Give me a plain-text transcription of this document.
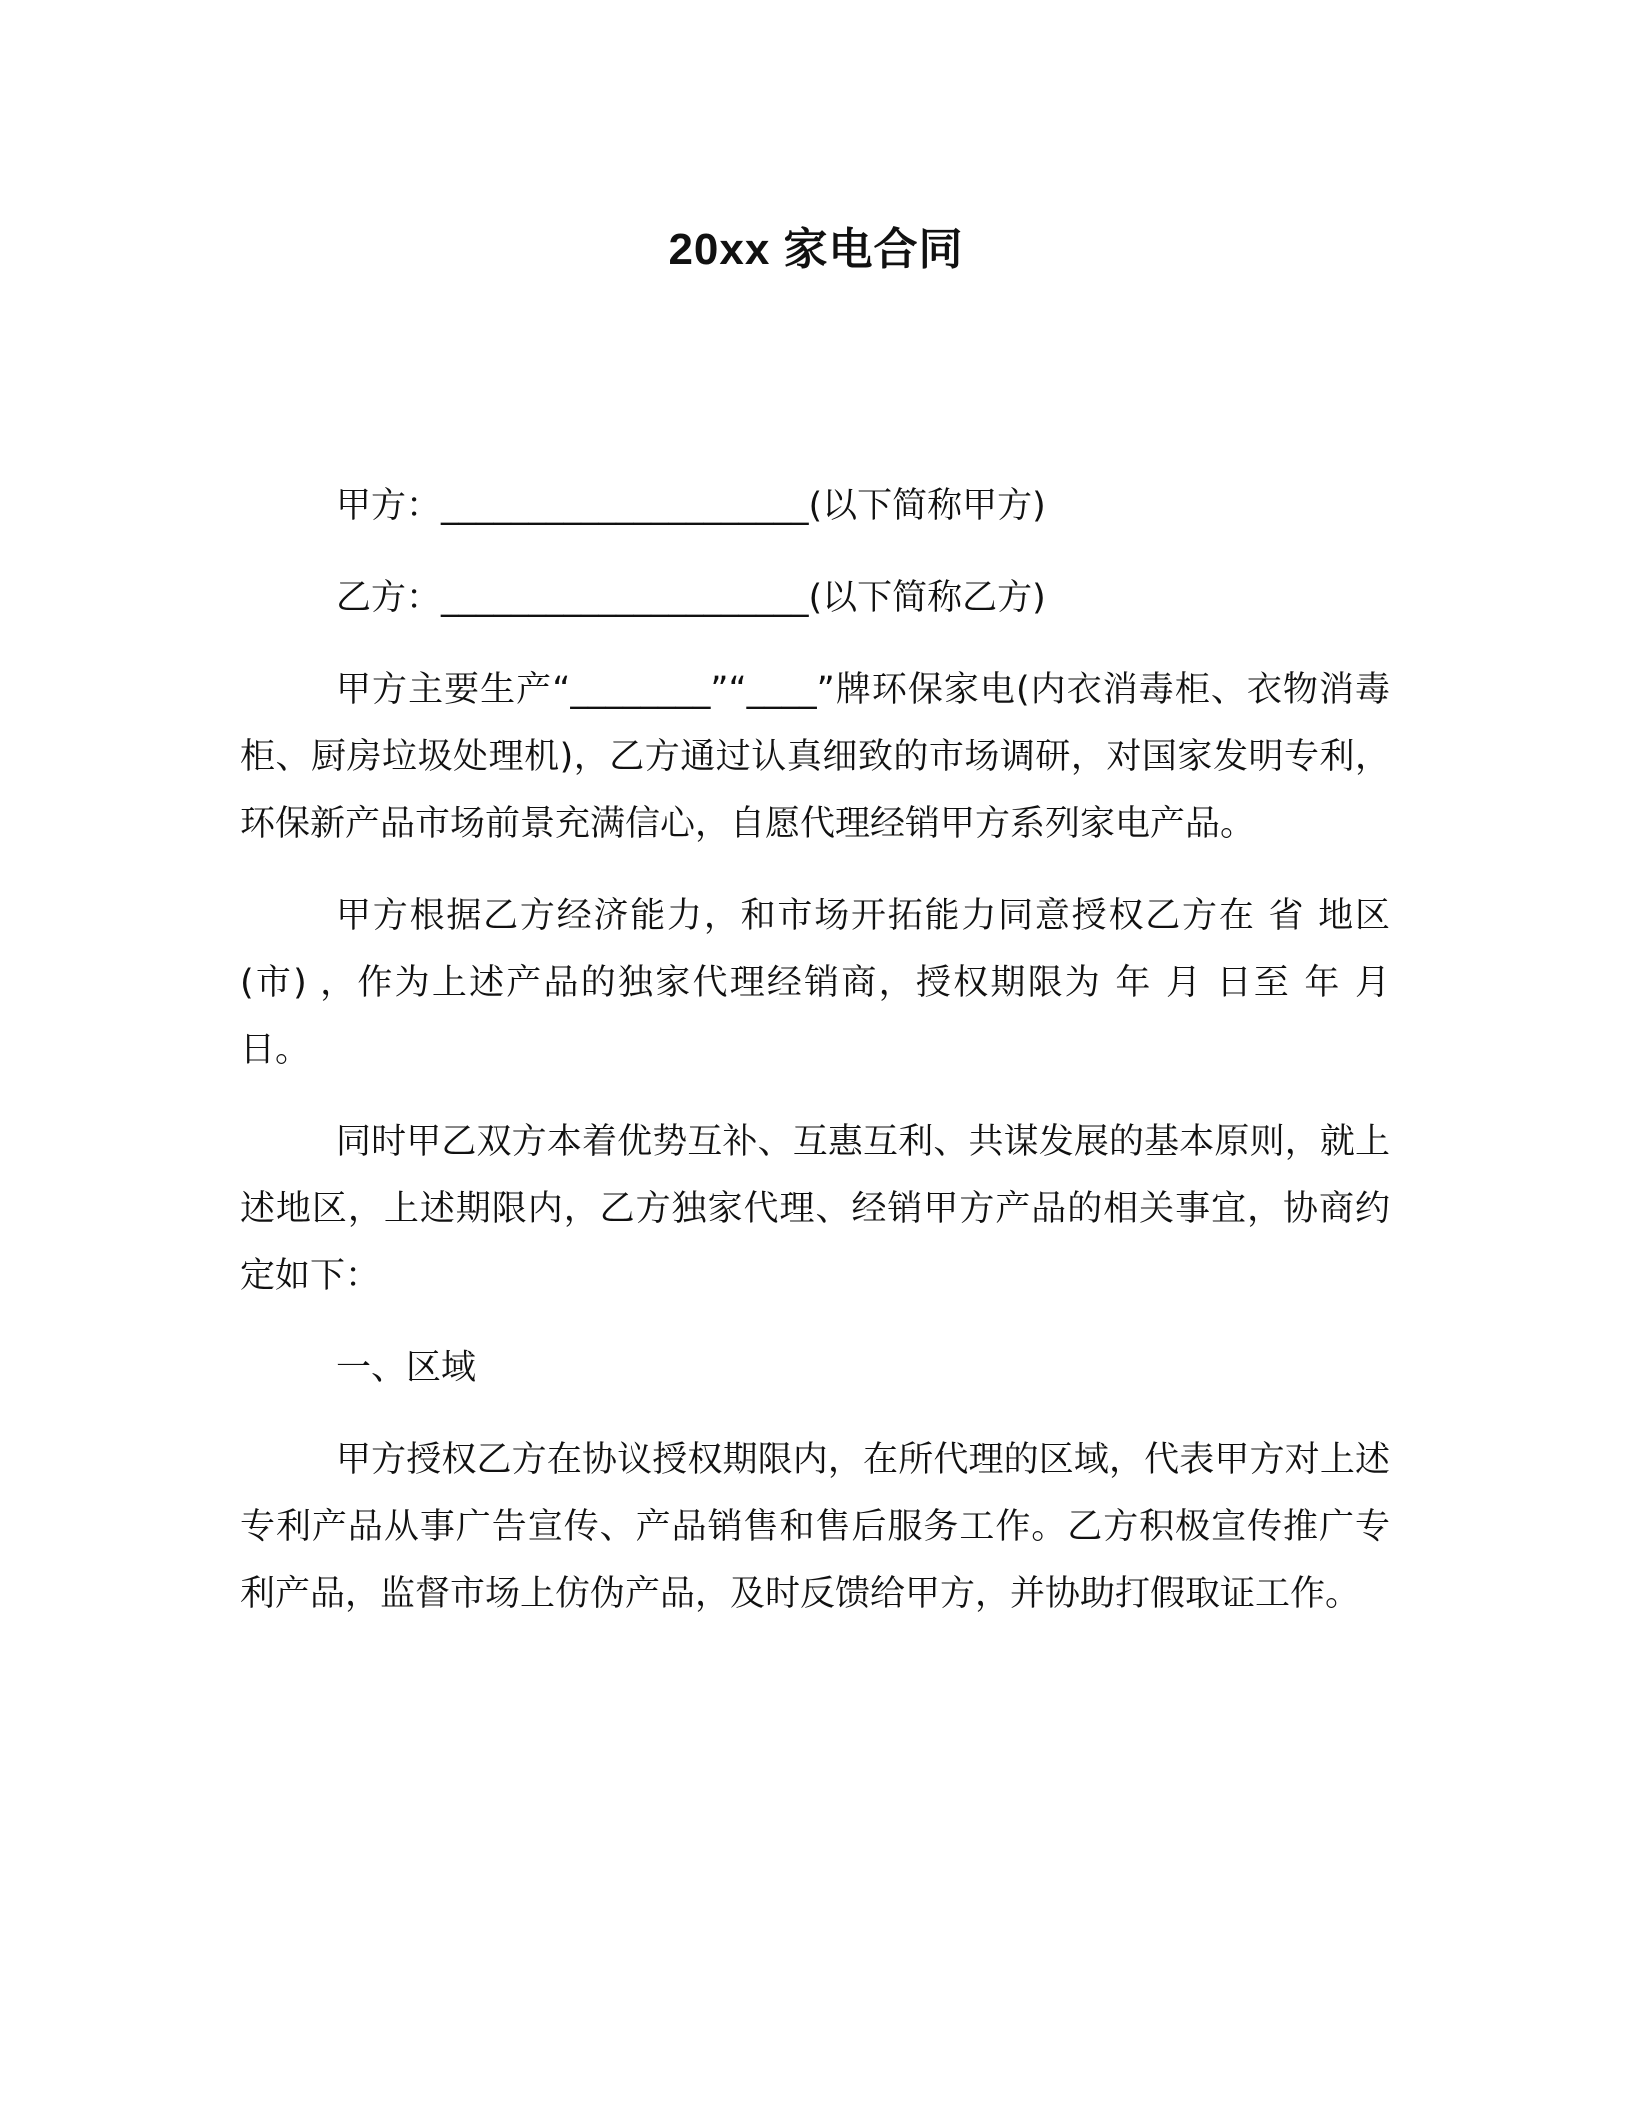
20xx 家电合同
甲方：_____________________(以下简称甲方)
乙方：_____________________(以下简称乙方)
甲方主要生产“________”“____”牌环保家电(内衣消毒柜、衣物消毒柜、厨房垃圾处理机)，乙方通过认真细致的市场调研，对国家发明专利，环保新产品市场前景充满信心，自愿代理经销甲方系列家电产品。
甲方根据乙方经济能力，和市场开拓能力同意授权乙方在 省 地区(市) ，作为上述产品的独家代理经销商，授权期限为 年 月 日至 年 月 日。
同时甲乙双方本着优势互补、互惠互利、共谋发展的基本原则，就上述地区，上述期限内，乙方独家代理、经销甲方产品的相关事宜，协商约定如下：
一、区域
甲方授权乙方在协议授权期限内，在所代理的区域，代表甲方对上述专利产品从事广告宣传、产品销售和售后服务工作。乙方积极宣传推广专利产品，监督市场上仿伪产品，及时反馈给甲方，并协助打假取证工作。
